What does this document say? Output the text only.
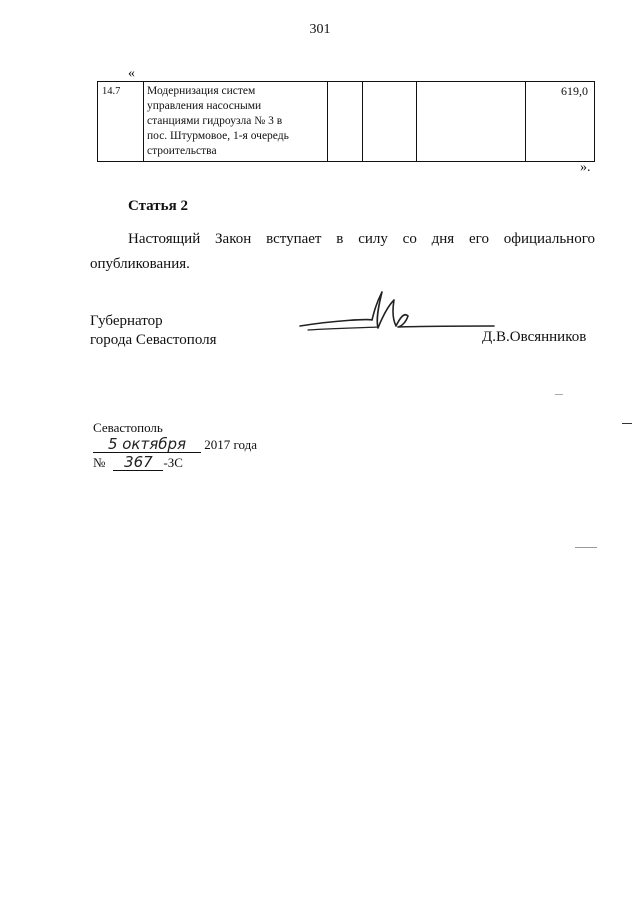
301
«
14.7	Модернизация систем
управления насосными
станциями гидроузла № 3 в
пос. Штурмовое, 1-я очередь
строительства
				619,0
».
Статья 2
Настоящий Закон вступает в силу со дня его официального опубликования.
Губернатор
города Севастополя	Д.В.Овсянников
Севастополь
5 октября 2017 года
№ 367 -ЗС
